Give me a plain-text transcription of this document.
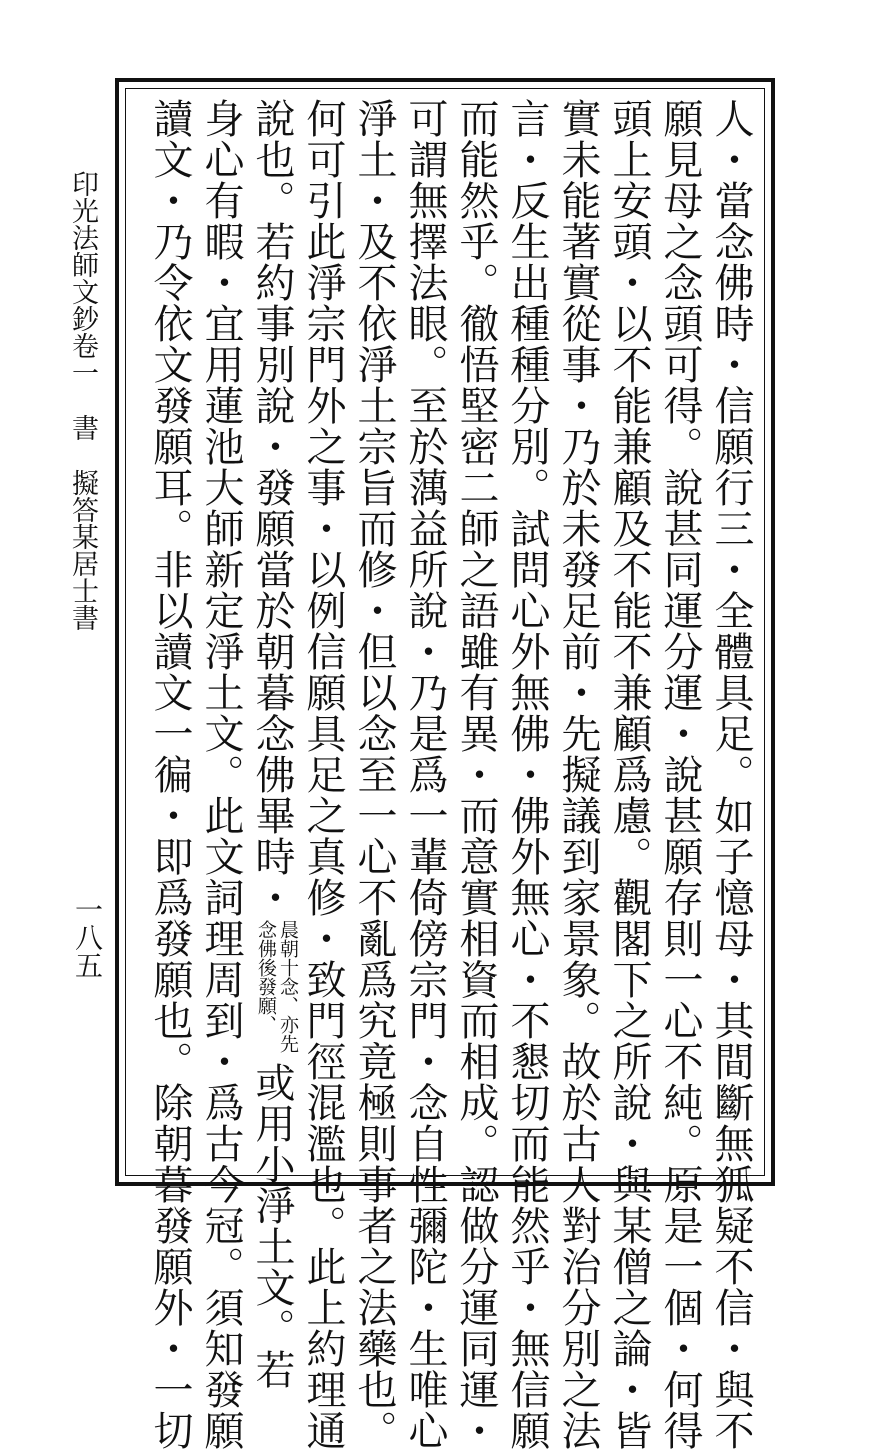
人・當念佛時・信願行三・全體具足。如子憶母・其間斷無狐疑不信・與不
願見母之念頭可得。說甚同運分運・說甚願存則一心不純。原是一個・何得
頭上安頭・以不能兼顧及不能不兼顧爲慮。觀閣下之所說・與某僧之論・皆
實未能著實從事・乃於未發足前・先擬議到家景象。故於古人對治分別之法
言・反生出種種分別。試問心外無佛・佛外無心・不懇切而能然乎・無信願
而能然乎。徹悟堅密二師之語雖有異・而意實相資而相成。認做分運同運・
可謂無擇法眼。至於蕅益所說・乃是爲一輩倚傍宗門・念自性彌陀・生唯心
淨土・及不依淨土宗旨而修・但以念至一心不亂爲究竟極則事者之法藥也。
何可引此淨宗門外之事・以例信願具足之真修・致門徑混濫也。此上約理通
說也。若約事別說・發願當於朝暮念佛畢時・晨朝十念、亦先
念佛後發願、或用小淨土文。若
身心有暇・宜用蓮池大師新定淨土文。此文詞理周到・爲古今冠。須知發願
讀文・乃令依文發願耳。非以讀文一徧・即爲發願也。除朝暮發願外・一切
印光法師文鈔卷一書擬答某居士書
一八五
